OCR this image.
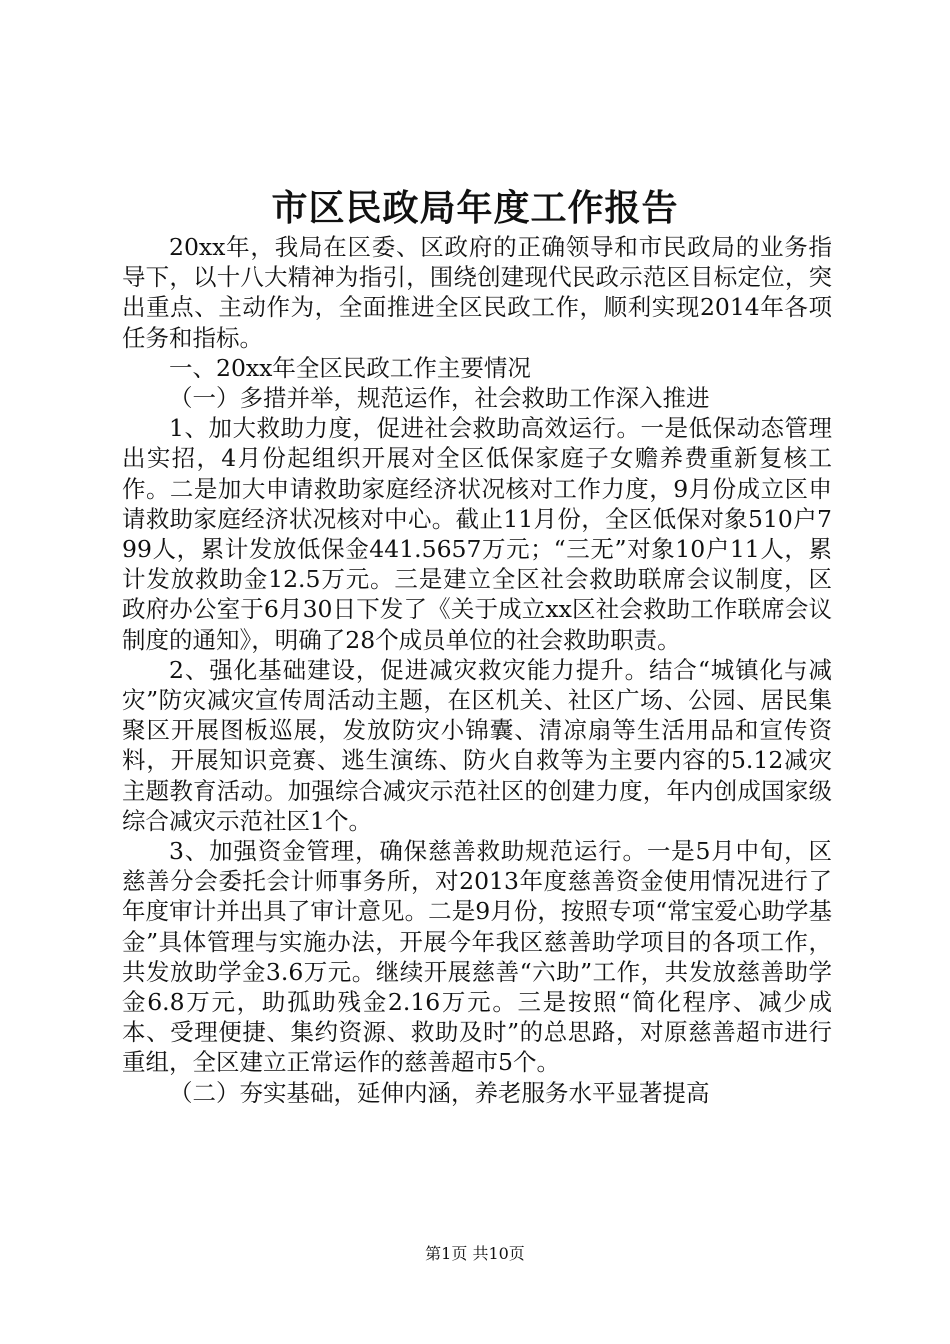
市区民政局年度工作报告

20xx年，我局在区委、区政府的正确领导和市民政局的业务指导下，以十八大精神为指引，围绕创建现代民政示范区目标定位，突出重点、主动作为，全面推进全区民政工作，顺利实现2014年各项任务和指标。

一、20xx年全区民政工作主要情况

（一）多措并举，规范运作，社会救助工作深入推进

1、加大救助力度，促进社会救助高效运行。一是低保动态管理出实招，4月份起组织开展对全区低保家庭子女赡养费重新复核工作。二是加大申请救助家庭经济状况核对工作力度，9月份成立区申请救助家庭经济状况核对中心。截止11月份，全区低保对象510户799人，累计发放低保金441.5657万元；“三无”对象10户11人，累计发放救助金12.5万元。三是建立全区社会救助联席会议制度，区政府办公室于6月30日下发了《关于成立xx区社会救助工作联席会议制度的通知》，明确了28个成员单位的社会救助职责。

2、强化基础建设，促进减灾救灾能力提升。结合“城镇化与减灾”防灾减灾宣传周活动主题，在区机关、社区广场、公园、居民集聚区开展图板巡展，发放防灾小锦囊、清凉扇等生活用品和宣传资料，开展知识竞赛、逃生演练、防火自救等为主要内容的5.12减灾主题教育活动。加强综合减灾示范社区的创建力度，年内创成国家级综合减灾示范社区1个。

3、加强资金管理，确保慈善救助规范运行。一是5月中旬，区慈善分会委托会计师事务所，对2013年度慈善资金使用情况进行了年度审计并出具了审计意见。二是9月份，按照专项“常宝爱心助学基金”具体管理与实施办法，开展今年我区慈善助学项目的各项工作，共发放助学金3.6万元。继续开展慈善“六助”工作，共发放慈善助学金6.8万元，助孤助残金2.16万元。三是按照“简化程序、减少成本、受理便捷、集约资源、救助及时”的总思路，对原慈善超市进行重组，全区建立正常运作的慈善超市5个。

（二）夯实基础，延伸内涵，养老服务水平显著提高

第1页 共10页
